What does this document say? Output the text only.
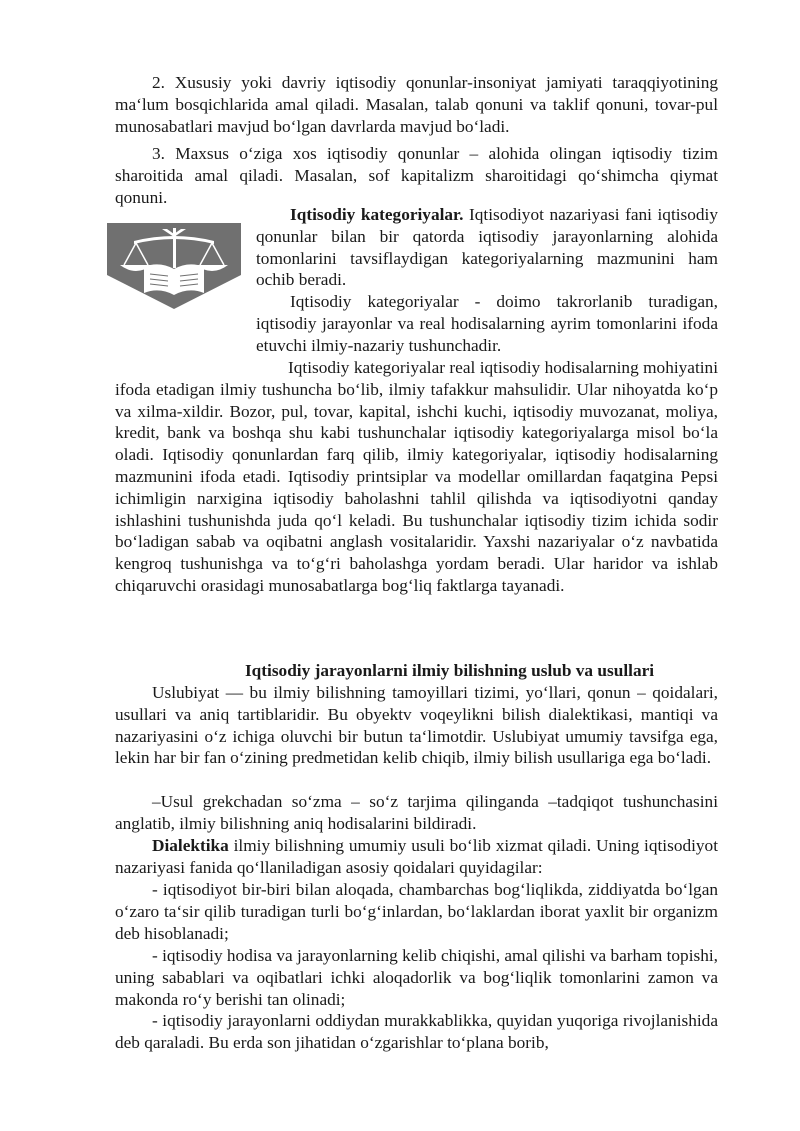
2. Xususiy yoki davriy iqtisodiy qonunlar-insoniyat jamiyati taraqqiyotining ma‘lum bosqichlarida amal qiladi. Masalan, talab qonuni va taklif qonuni, tovar-pul munosabatlari mavjud bo‘lgan davrlarda mavjud bo‘ladi.

3. Maxsus o‘ziga xos iqtisodiy qonunlar – alohida olingan iqtisodiy tizim sharoitida amal qiladi. Masalan, sof kapitalizm sharoitidagi qo‘shimcha qiymat qonuni.

Iqtisodiy kategoriyalar. Iqtisodiyot nazariyasi fani iqtisodiy qonunlar bilan bir qatorda iqtisodiy jarayonlarning alohida tomonlarini tavsiflaydigan kategoriyalarning mazmunini ham ochib beradi.

Iqtisodiy kategoriyalar - doimo takrorlanib turadigan, iqtisodiy jarayonlar va real hodisalarning ayrim tomonlarini ifoda etuvchi ilmiy-nazariy tushunchadir.

Iqtisodiy kategoriyalar real iqtisodiy hodisalarning mohiyatini ifoda etadigan ilmiy tushuncha bo‘lib, ilmiy tafakkur mahsulidir. Ular nihoyatda ko‘p va xilma-xildir. Bozor, pul, tovar, kapital, ishchi kuchi, iqtisodiy muvozanat, moliya, kredit, bank va boshqa shu kabi tushunchalar iqtisodiy kategoriyalarga misol bo‘la oladi. Iqtisodiy qonunlardan farq qilib, ilmiy kategoriyalar, iqtisodiy hodisalarning mazmunini ifoda etadi. Iqtisodiy printsiplar va modellar omillardan faqatgina Pepsi ichimligin narxigina iqtisodiy baholashni tahlil qilishda va iqtisodiyotni qanday ishlashini tushunishda juda qo‘l keladi. Bu tushunchalar iqtisodiy tizim ichida sodir bo‘ladigan sabab va oqibatni anglash vositalaridir. Yaxshi nazariyalar o‘z navbatida kengroq tushunishga va to‘g‘ri baholashga yordam beradi. Ular haridor va ishlab chiqaruvchi orasidagi munosabatlarga bog‘liq faktlarga tayanadi.

Iqtisodiy jarayonlarni ilmiy bilishning uslub va usullari

Uslubiyat — bu ilmiy bilishning tamoyillari tizimi, yo‘llari, qonun – qoidalari, usullari va aniq tartiblaridir. Bu obyektv voqeylikni bilish dialektikasi, mantiqi va nazariyasini o‘z ichiga oluvchi bir butun ta‘limotdir. Uslubiyat umumiy tavsifga ega, lekin har bir fan o‘zining predmetidan kelib chiqib, ilmiy bilish usullariga ega bo‘ladi.

–Usul grekchadan so‘zma – so‘z tarjima qilinganda –tadqiqot tushunchasini anglatib, ilmiy bilishning aniq hodisalarini bildiradi.

Dialektika ilmiy bilishning umumiy usuli bo‘lib xizmat qiladi. Uning iqtisodiyot nazariyasi fanida qo‘llaniladigan asosiy qoidalari quyidagilar:

- iqtisodiyot bir-biri bilan aloqada, chambarchas bog‘liqlikda, ziddiyatda bo‘lgan o‘zaro ta‘sir qilib turadigan turli bo‘g‘inlardan, bo‘laklardan iborat yaxlit bir organizm deb hisoblanadi;

- iqtisodiy hodisa va jarayonlarning kelib chiqishi, amal qilishi va barham topishi, uning sabablari va oqibatlari ichki aloqadorlik va bog‘liqlik tomonlarini zamon va makonda ro‘y berishi tan olinadi;

- iqtisodiy jarayonlarni oddiydan murakkablikka, quyidan yuqoriga rivojlanishida deb qaraladi. Bu erda son jihatidan o‘zgarishlar to‘plana borib,
